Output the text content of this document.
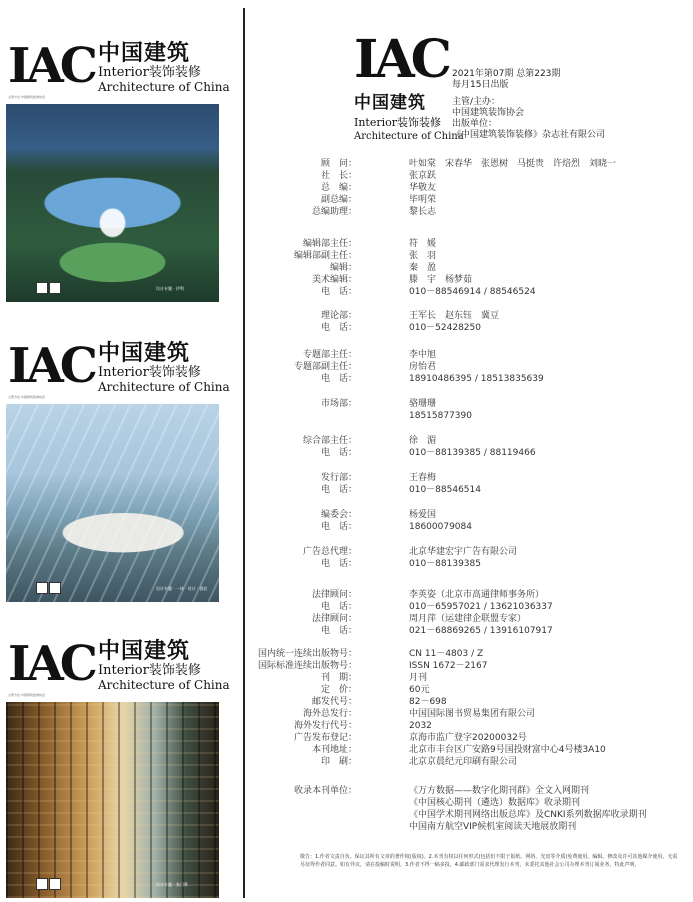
IAC 中国建筑
Interior装饰装修
Architecture of China
主管方位·中国建筑装饰协会
设计专题 · 伊利
IAC 中国建筑
Interior装饰装修
Architecture of China
主管方位·中国建筑装饰协会
设计专题 · 一体 · 设计 · 酒店
IAC 中国建筑
Interior装饰装修
Architecture of China
主管方位·中国建筑装饰协会
设计专题 · 张门慕
IAC
中国建筑
Interior装饰装修
Architecture of China
2021年第07期 总第223期
每月15日出版
主管/主办：
中国建筑装饰协会
出版单位：
《中国建筑装饰装修》杂志社有限公司
顾　问：	叶如棠　宋春华　张恩树　马挺贵　许焙烈　刘晓一
社　长：	张京跃
总　编：	华敬友
副总编：	毕明荣
总编助理：	黎长志
编辑部主任：	符　媛
编辑部副主任：	张　羽
编辑：	秦　盈
美术编辑：	滕　宇　杨梦茹
电　话：	010－88546914 / 88546524
理论部：	王军长　赵东钰　冀豆
电　话：	010－52428250
专题部主任：	李中旭
专题部副主任：	房怡君
电　话：	18910486395 / 18513835639
市场部：	骆珊珊
18515877390
综合部主任：	徐　湄
电　话：	010－88139385 / 88119466
发行部：	王春梅
电　话：	010－88546514
编委会：	杨爱国
电　话：	18600079084
广告总代理：	北京华建宏宇广告有限公司
电　话：	010－88139385
法律顾问：	李英姿（北京市高通律师事务所）
电　话：	010－65957021 / 13621036337
法律顾问：	周月萍（运建律企联盟专家）
电　话：	021－68869265 / 13916107917
国内统一连续出版物号：	CN 11－4803 / Z
国际标准连续出版物号：	ISSN 1672－2167
刊　期：	月刊
定　价：	60元
邮发代号：	82－698
海外总发行：	中国国际图书贸易集团有限公司
海外发行代号：	2032
广告发布登记：	京海市监广登字20200032号
本刊地址：	北京市丰台区广安路9号国投财富中心4号楼3A10
印　刷：	北京京晨纪元印刷有限公司
收录本刊单位：	《万方数据——数字化期刊群》全文入网期刊
《中国核心期刊（遴选）数据库》收录期刊
《中国学术期刊网络出版总库》及CNKI系列数据库收录期刊
中国南方航空VIP候机室阅读天地展放期刊
敬告：1.作者文责自负。保证其所有文章的著作权(版权)。2.本刊有权以任何形式(包括但不限于报纸、网络、光盘等介质)免费使用、编辑、修改及许可其他媒介使用，无需另征得作者同意。如有异议，请在投稿时说明。3.作者不得一稿多投。4.邮政部门需求代理发行本刊，未委托其他社会公司办理本刊订阅业务，特此声明。
